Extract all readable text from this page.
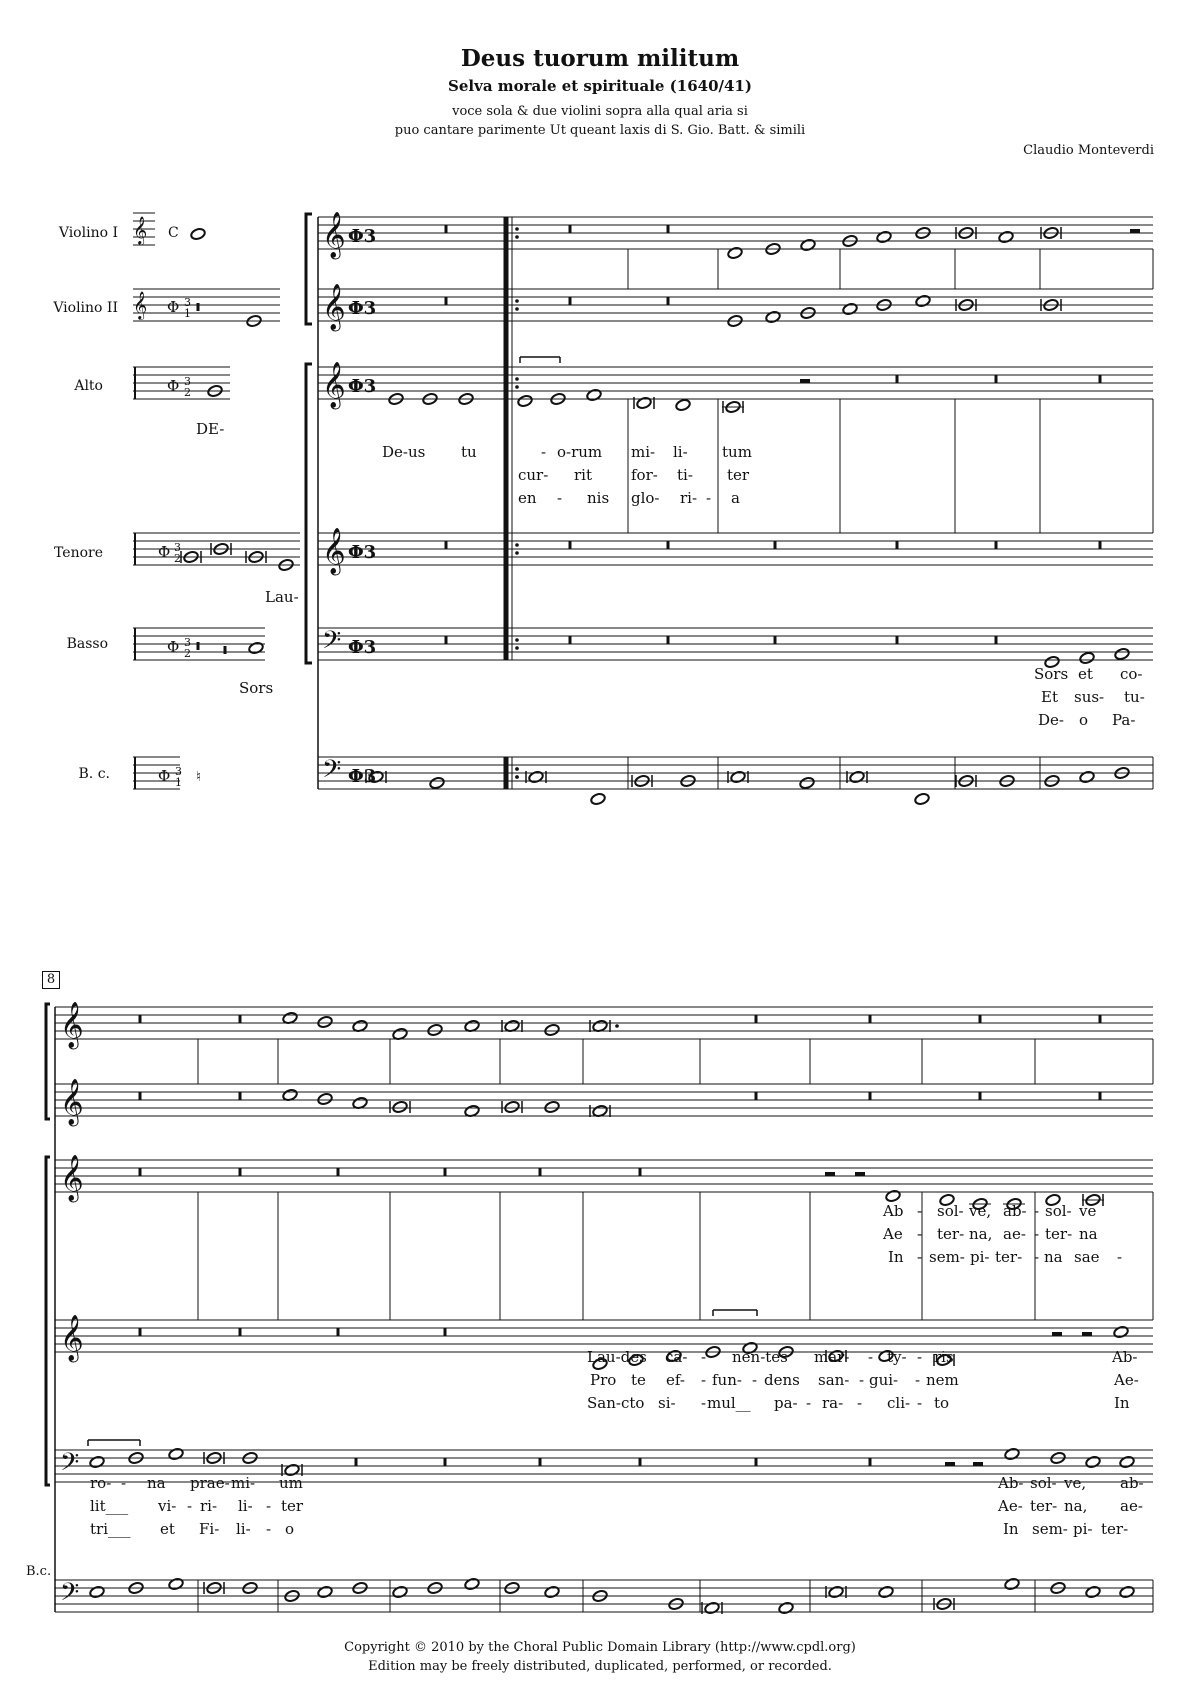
Deus tuorum militum
Selva morale et spirituale (1640/41)
voce sola & due violini sopra alla qual aria si
puo cantare parimente Ut queant laxis di S. Gio. Batt. & simili
Claudio Monteverdi
Violino I
Violino II
Alto
Tenore
Basso
B. c.
B.c.
DE-
Lau-
Sors
8
De-us tu	- o-rum mi- li- tum
cur- rit	for- ti- ter
en - nis glo- ri- - a
Sors et co-
Et sus- tu-
De- o Pa-
Ab - sol- ve, ab- - sol- ve
Ae - ter- na, ae- - ter- na
In - sem- pi- ter- - na sae -
Lau-des ca- - nen-tes mar- - ty- - ris	Ab-
Pro te ef- - fun- - dens san- - gui- - nem	Ae-
San-cto si- - mul__ pa- - ra- - cli- - to	In
ro- - na prae- mi- um	Ab- sol- ve, ab-
lit___ vi- - ri- li- - ter	Ae- ter- na, ae-
tri___ et Fi- li- - o	In sem- pi- ter-
Copyright © 2010 by the Choral Public Domain Library (http://www.cpdl.org)
Edition may be freely distributed, duplicated, performed, or recorded.
𝄞 C
𝄞 Φ 3
1
Φ 3
2
Φ 3
2
Φ 3
2
Φ 3
1 ♮
𝄞
𝄞
𝄞
𝄞
𝄢
𝄢
Φ3
Φ3
Φ3
Φ3
Φ3
Φ3
𝄞
𝄞
𝄞
𝄞
𝄢
𝄢
